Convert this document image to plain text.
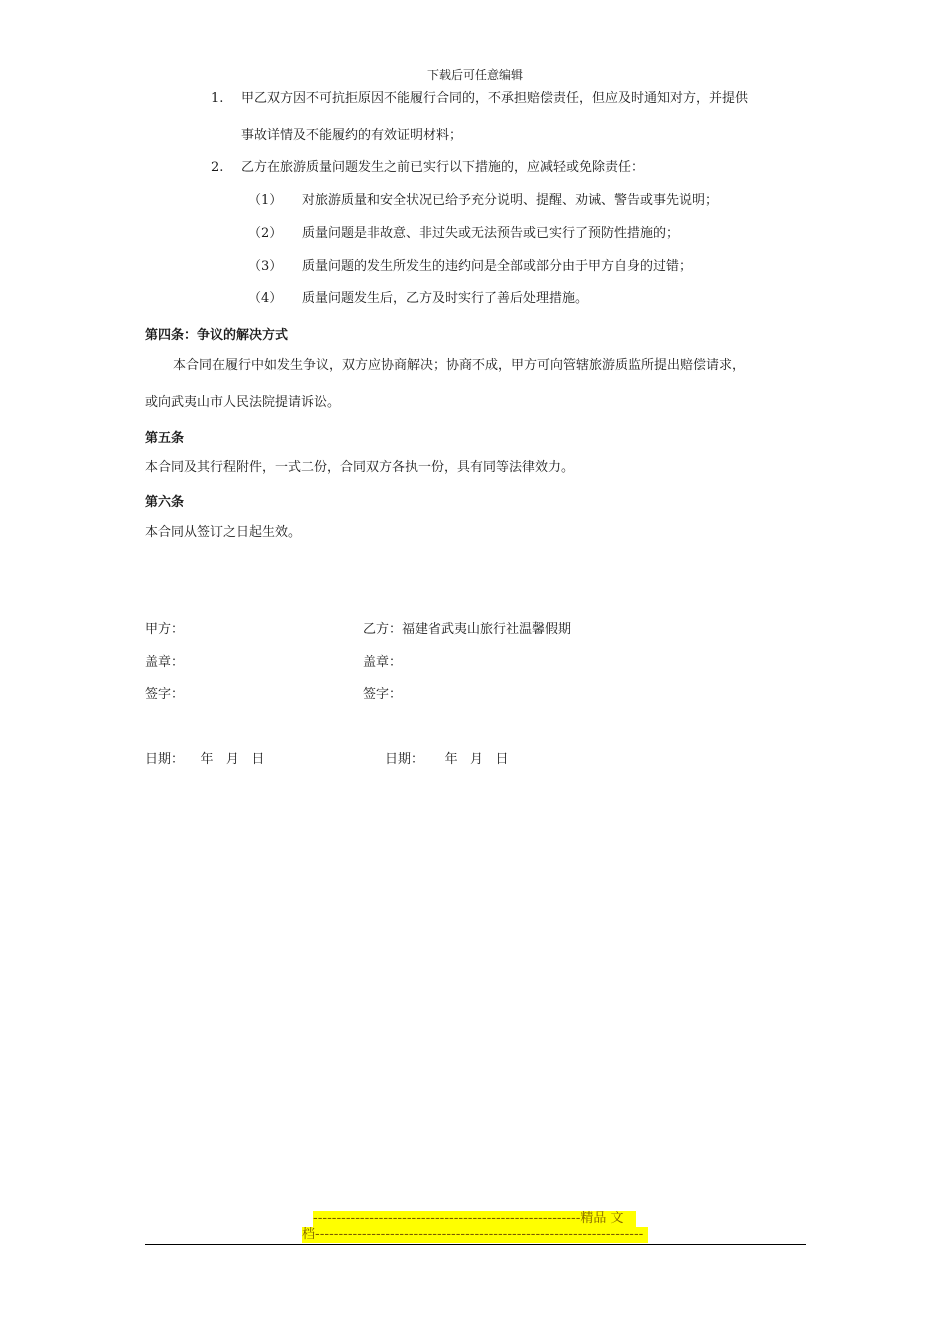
下载后可任意编辑
1. 甲乙双方因不可抗拒原因不能履行合同的，不承担赔偿责任，但应及时通知对方，并提供
事故详情及不能履约的有效证明材料；
2. 乙方在旅游质量问题发生之前已实行以下措施的，应减轻或免除责任：
（1） 对旅游质量和安全状况已给予充分说明、提醒、劝诫、警告或事先说明；
（2） 质量问题是非故意、非过失或无法预告或已实行了预防性措施的；
（3） 质量问题的发生所发生的违约问是全部或部分由于甲方自身的过错；
（4） 质量问题发生后，乙方及时实行了善后处理措施。
第四条：争议的解决方式
本合同在履行中如发生争议，双方应协商解决；协商不成，甲方可向管辖旅游质监所提出赔偿请求，
或向武夷山市人民法院提请诉讼。
第五条
本合同及其行程附件，一式二份，合同双方各执一份，具有同等法律效力。
第六条
本合同从签订之日起生效。
甲方：	乙方：福建省武夷山旅行社温馨假期
盖章：	盖章：
签字：	签字：
日期：    年   月   日	日期：     年   月   日
---------------------------------------------------------精品 文
档----------------------------------------------------------------------
